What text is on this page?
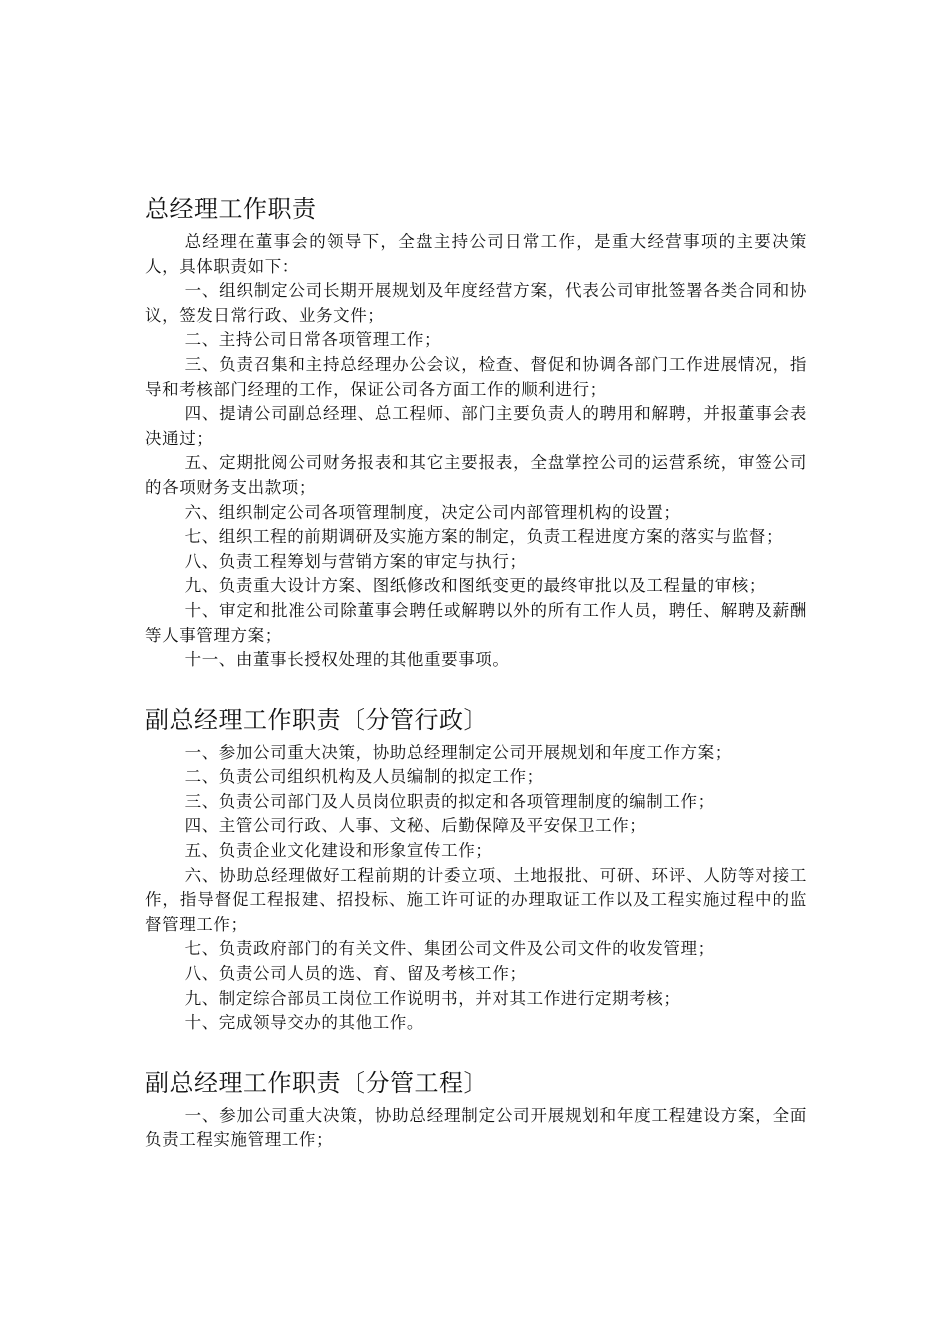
总经理工作职责

总经理在董事会的领导下，全盘主持公司日常工作，是重大经营事项的主要决策人，具体职责如下：

一、组织制定公司长期开展规划及年度经营方案，代表公司审批签署各类合同和协议，签发日常行政、业务文件；

二、主持公司日常各项管理工作；

三、负责召集和主持总经理办公会议，检查、督促和协调各部门工作进展情况，指导和考核部门经理的工作，保证公司各方面工作的顺利进行；

四、提请公司副总经理、总工程师、部门主要负责人的聘用和解聘，并报董事会表决通过；

五、定期批阅公司财务报表和其它主要报表，全盘掌控公司的运营系统，审签公司的各项财务支出款项；

六、组织制定公司各项管理制度，决定公司内部管理机构的设置；

七、组织工程的前期调研及实施方案的制定，负责工程进度方案的落实与监督；

八、负责工程筹划与营销方案的审定与执行；

九、负责重大设计方案、图纸修改和图纸变更的最终审批以及工程量的审核；

十、审定和批准公司除董事会聘任或解聘以外的所有工作人员，聘任、解聘及薪酬等人事管理方案；

十一、由董事长授权处理的其他重要事项。

副总经理工作职责〔分管行政〕

一、参加公司重大决策，协助总经理制定公司开展规划和年度工作方案；

二、负责公司组织机构及人员编制的拟定工作；

三、负责公司部门及人员岗位职责的拟定和各项管理制度的编制工作；

四、主管公司行政、人事、文秘、后勤保障及平安保卫工作；

五、负责企业文化建设和形象宣传工作；

六、协助总经理做好工程前期的计委立项、土地报批、可研、环评、人防等对接工作，指导督促工程报建、招投标、施工许可证的办理取证工作以及工程实施过程中的监督管理工作；

七、负责政府部门的有关文件、集团公司文件及公司文件的收发管理；

八、负责公司人员的选、育、留及考核工作；

九、制定综合部员工岗位工作说明书，并对其工作进行定期考核；

十、完成领导交办的其他工作。

副总经理工作职责〔分管工程〕

一、参加公司重大决策，协助总经理制定公司开展规划和年度工程建设方案，全面负责工程实施管理工作；
